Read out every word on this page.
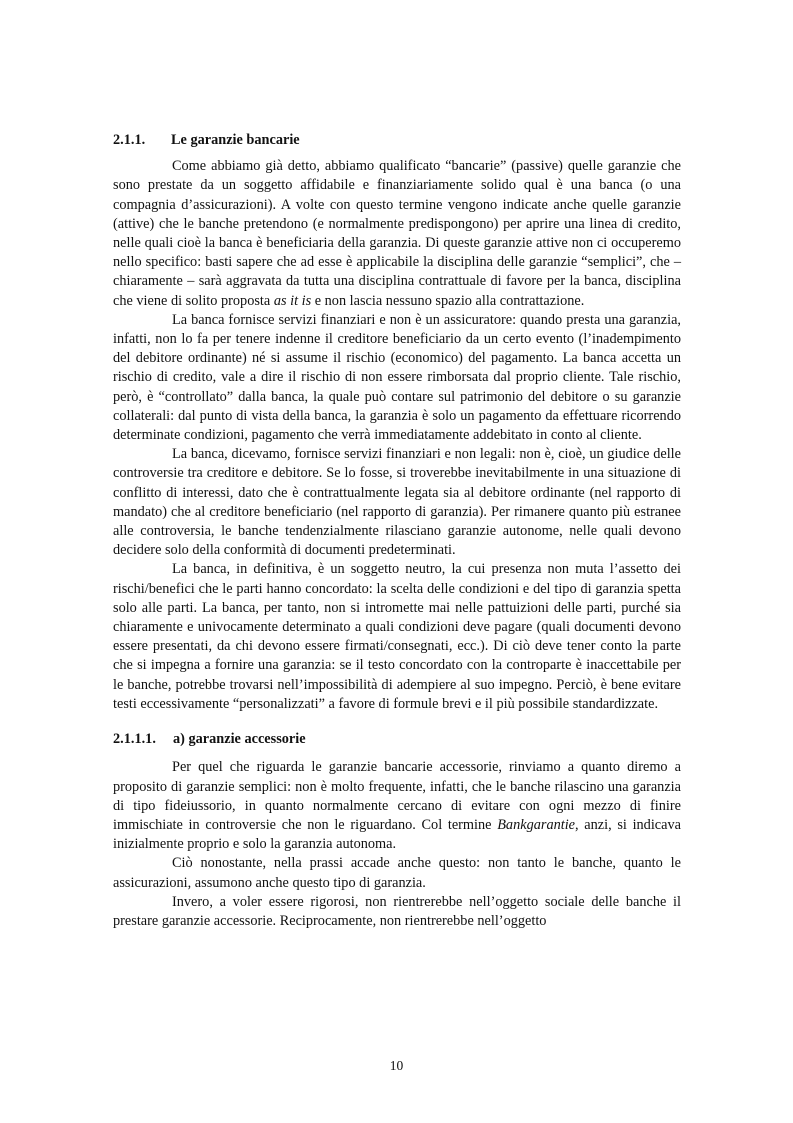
2.1.1. Le garanzie bancarie

Come abbiamo già detto, abbiamo qualificato “bancarie” (passive) quelle garanzie che sono prestate da un soggetto affidabile e finanziariamente solido qual è una banca (o una compagnia d’assicurazioni). A volte con questo termine vengono indicate anche quelle garanzie (attive) che le banche pretendono (e normalmente predispongono) per aprire una linea di credito, nelle quali cioè la banca è beneficiaria della garanzia. Di queste garanzie attive non ci occuperemo nello specifico: basti sapere che ad esse è applicabile la disciplina delle garanzie “semplici”, che – chiaramente – sarà aggravata da tutta una disciplina contrattuale di favore per la banca, disciplina che viene di solito proposta as it is e non lascia nessuno spazio alla contrattazione.

La banca fornisce servizi finanziari e non è un assicuratore: quando presta una garanzia, infatti, non lo fa per tenere indenne il creditore beneficiario da un certo evento (l’inadempimento del debitore ordinante) né si assume il rischio (economico) del pagamento. La banca accetta un rischio di credito, vale a dire il rischio di non essere rimborsata dal proprio cliente. Tale rischio, però, è “controllato” dalla banca, la quale può contare sul patrimonio del debitore o su garanzie collaterali: dal punto di vista della banca, la garanzia è solo un pagamento da effettuare ricorrendo determinate condizioni, pagamento che verrà immediatamente addebitato in conto al cliente.

La banca, dicevamo, fornisce servizi finanziari e non legali: non è, cioè, un giudice delle controversie tra creditore e debitore. Se lo fosse, si troverebbe inevitabilmente in una situazione di conflitto di interessi, dato che è contrattualmente legata sia al debitore ordinante (nel rapporto di mandato) che al creditore beneficiario (nel rapporto di garanzia). Per rimanere quanto più estranee alle controversia, le banche tendenzialmente rilasciano garanzie autonome, nelle quali devono decidere solo della conformità di documenti predeterminati.

La banca, in definitiva, è un soggetto neutro, la cui presenza non muta l’assetto dei rischi/benefici che le parti hanno concordato: la scelta delle condizioni e del tipo di garanzia spetta solo alle parti. La banca, per tanto, non si intromette mai nelle pattuizioni delle parti, purché sia chiaramente e univocamente determinato a quali condizioni deve pagare (quali documenti devono essere presentati, da chi devono essere firmati/consegnati, ecc.). Di ciò deve tener conto la parte che si impegna a fornire una garanzia: se il testo concordato con la controparte è inaccettabile per le banche, potrebbe trovarsi nell’impossibilità di adempiere al suo impegno. Perciò, è bene evitare testi eccessivamente “personalizzati” a favore di formule brevi e il più possibile standardizzate.

2.1.1.1. a) garanzie accessorie

Per quel che riguarda le garanzie bancarie accessorie, rinviamo a quanto diremo a proposito di garanzie semplici: non è molto frequente, infatti, che le banche rilascino una garanzia di tipo fideiussorio, in quanto normalmente cercano di evitare con ogni mezzo di finire immischiate in controversie che non le riguardano. Col termine Bankgarantie, anzi, si indicava inizialmente proprio e solo la garanzia autonoma.

Ciò nonostante, nella prassi accade anche questo: non tanto le banche, quanto le assicurazioni, assumono anche questo tipo di garanzia.

Invero, a voler essere rigorosi, non rientrerebbe nell’oggetto sociale delle banche il prestare garanzie accessorie. Reciprocamente, non rientrerebbe nell’oggetto

10
